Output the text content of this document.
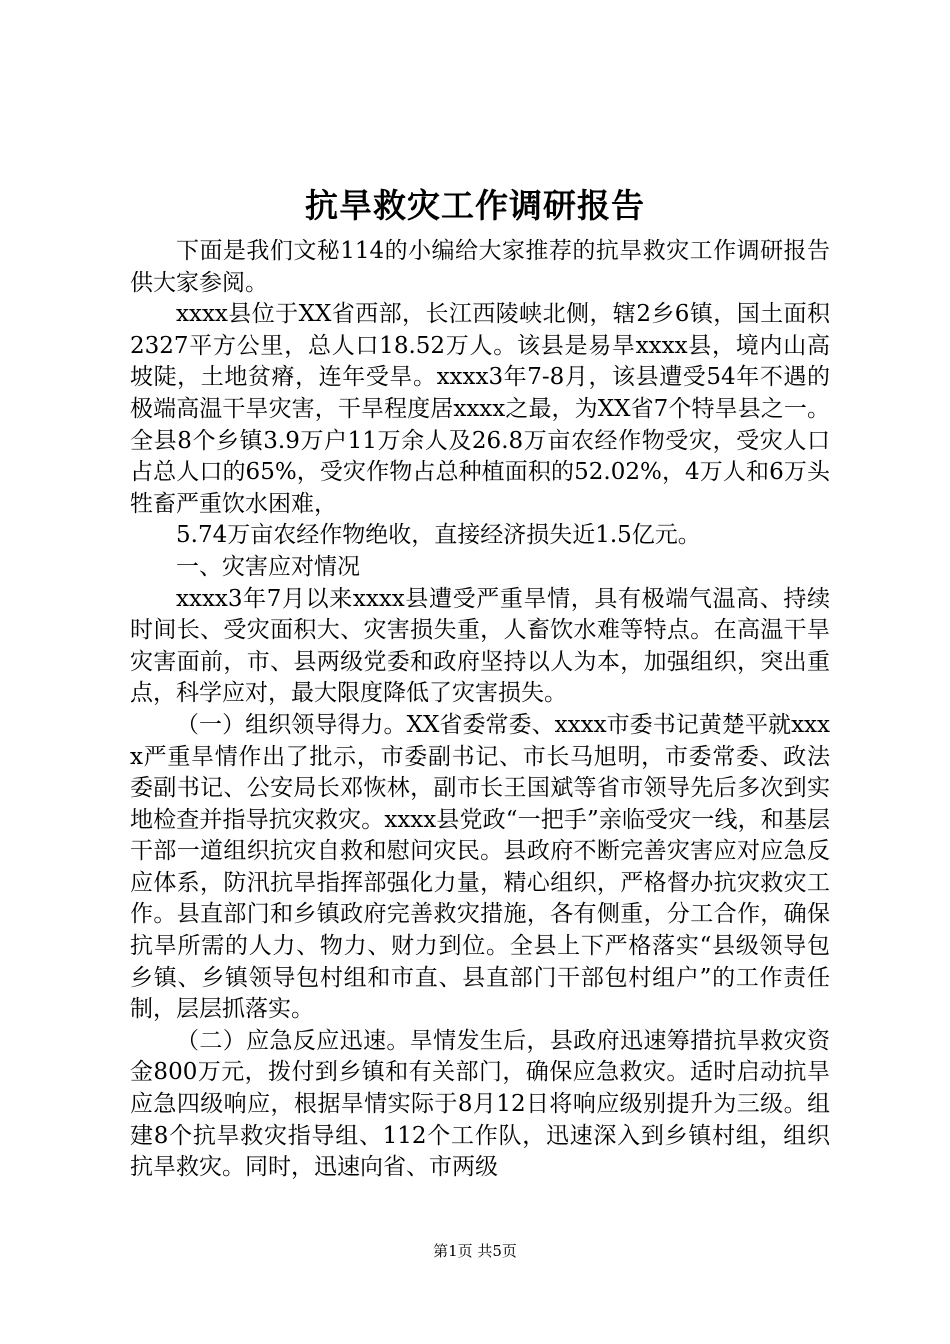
抗旱救灾工作调研报告

下面是我们文秘114的小编给大家推荐的抗旱救灾工作调研报告供大家参阅。

xxxx县位于XX省西部，长江西陵峡北侧，辖2乡6镇，国土面积2327平方公里，总人口18.52万人。该县是易旱xxxx县，境内山高坡陡，土地贫瘠，连年受旱。xxxx3年7-8月，该县遭受54年不遇的极端高温干旱灾害，干旱程度居xxxx之最，为XX省7个特旱县之一。全县8个乡镇3.9万户11万余人及26.8万亩农经作物受灾，受灾人口占总人口的65%，受灾作物占总种植面积的52.02%，4万人和6万头牲畜严重饮水困难，

5.74万亩农经作物绝收，直接经济损失近1.5亿元。

一、灾害应对情况

xxxx3年7月以来xxxx县遭受严重旱情，具有极端气温高、持续时间长、受灾面积大、灾害损失重，人畜饮水难等特点。在高温干旱灾害面前，市、县两级党委和政府坚持以人为本，加强组织，突出重点，科学应对，最大限度降低了灾害损失。

（一）组织领导得力。XX省委常委、xxxx市委书记黄楚平就xxxx严重旱情作出了批示，市委副书记、市长马旭明，市委常委、政法委副书记、公安局长邓恢林，副市长王国斌等省市领导先后多次到实地检查并指导抗灾救灾。xxxx县党政“一把手”亲临受灾一线，和基层干部一道组织抗灾自救和慰问灾民。县政府不断完善灾害应对应急反应体系，防汛抗旱指挥部强化力量，精心组织，严格督办抗灾救灾工作。县直部门和乡镇政府完善救灾措施，各有侧重，分工合作，确保抗旱所需的人力、物力、财力到位。全县上下严格落实“县级领导包乡镇、乡镇领导包村组和市直、县直部门干部包村组户”的工作责任制，层层抓落实。

（二）应急反应迅速。旱情发生后，县政府迅速筹措抗旱救灾资金800万元，拨付到乡镇和有关部门，确保应急救灾。适时启动抗旱应急四级响应，根据旱情实际于8月12日将响应级别提升为三级。组建8个抗旱救灾指导组、112个工作队，迅速深入到乡镇村组，组织抗旱救灾。同时，迅速向省、市两级

第1页 共5页
